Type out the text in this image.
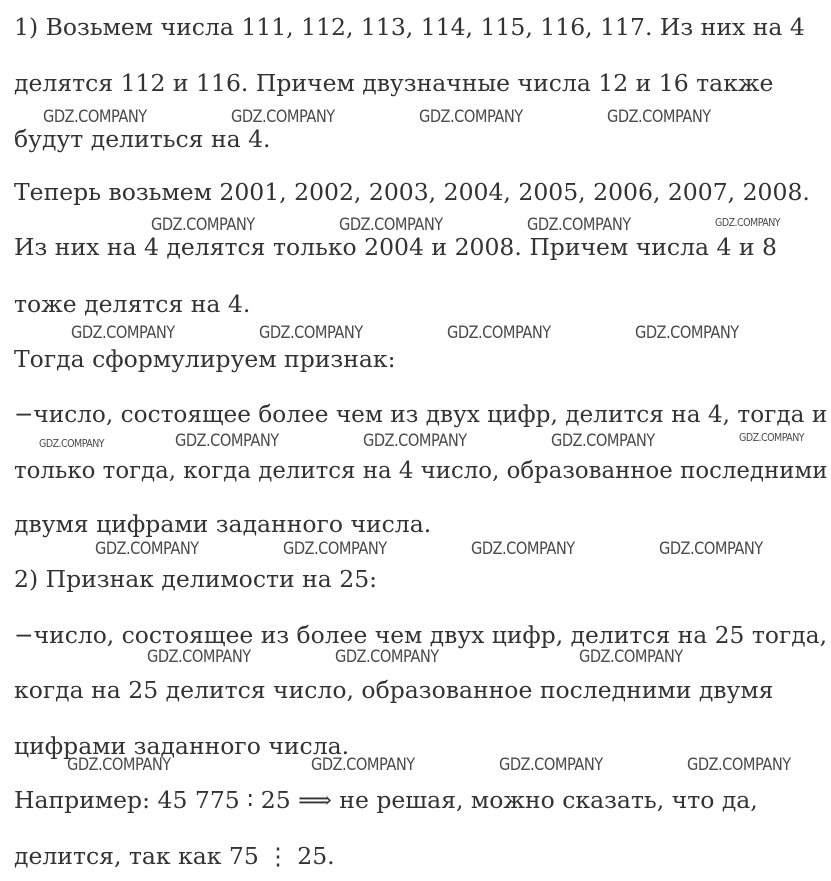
1) Возьмем числа 111, 112, 113, 114, 115, 116, 117. Из них на 4
делятся 112 и 116. Причем двузначные числа 12 и 16 также
будут делиться на 4.
Теперь возьмем 2001, 2002, 2003, 2004, 2005, 2006, 2007, 2008.
Из них на 4 делятся только 2004 и 2008. Причем числа 4 и 8
тоже делятся на 4.
Тогда сформулируем признак:
−число, состоящее более чем из двух цифр, делится на 4, тогда и
только тогда, когда делится на 4 число, образованное последними
двумя цифрами заданного числа.
2) Признак делимости на 25:
−число, состоящее из более чем двух цифр, делится на 25 тогда,
когда на 25 делится число, образованное последними двумя
цифрами заданного числа.
Например: 45 775 ∶ 25 ⟹ не решая, можно сказать, что да,
делится, так как 75 ⋮ 25.
GDZ.COMPANY	GDZ.COMPANY	GDZ.COMPANY	GDZ.COMPANY
GDZ.COMPANY	GDZ.COMPANY	GDZ.COMPANY	GDZ.COMPANY
GDZ.COMPANY	GDZ.COMPANY	GDZ.COMPANY	GDZ.COMPANY
GDZ.COMPANY	GDZ.COMPANY	GDZ.COMPANY	GDZ.COMPANY	GDZ.COMPANY
GDZ.COMPANY	GDZ.COMPANY	GDZ.COMPANY	GDZ.COMPANY
GDZ.COMPANY	GDZ.COMPANY	GDZ.COMPANY
GDZ.COMPANY	GDZ.COMPANY	GDZ.COMPANY	GDZ.COMPANY
